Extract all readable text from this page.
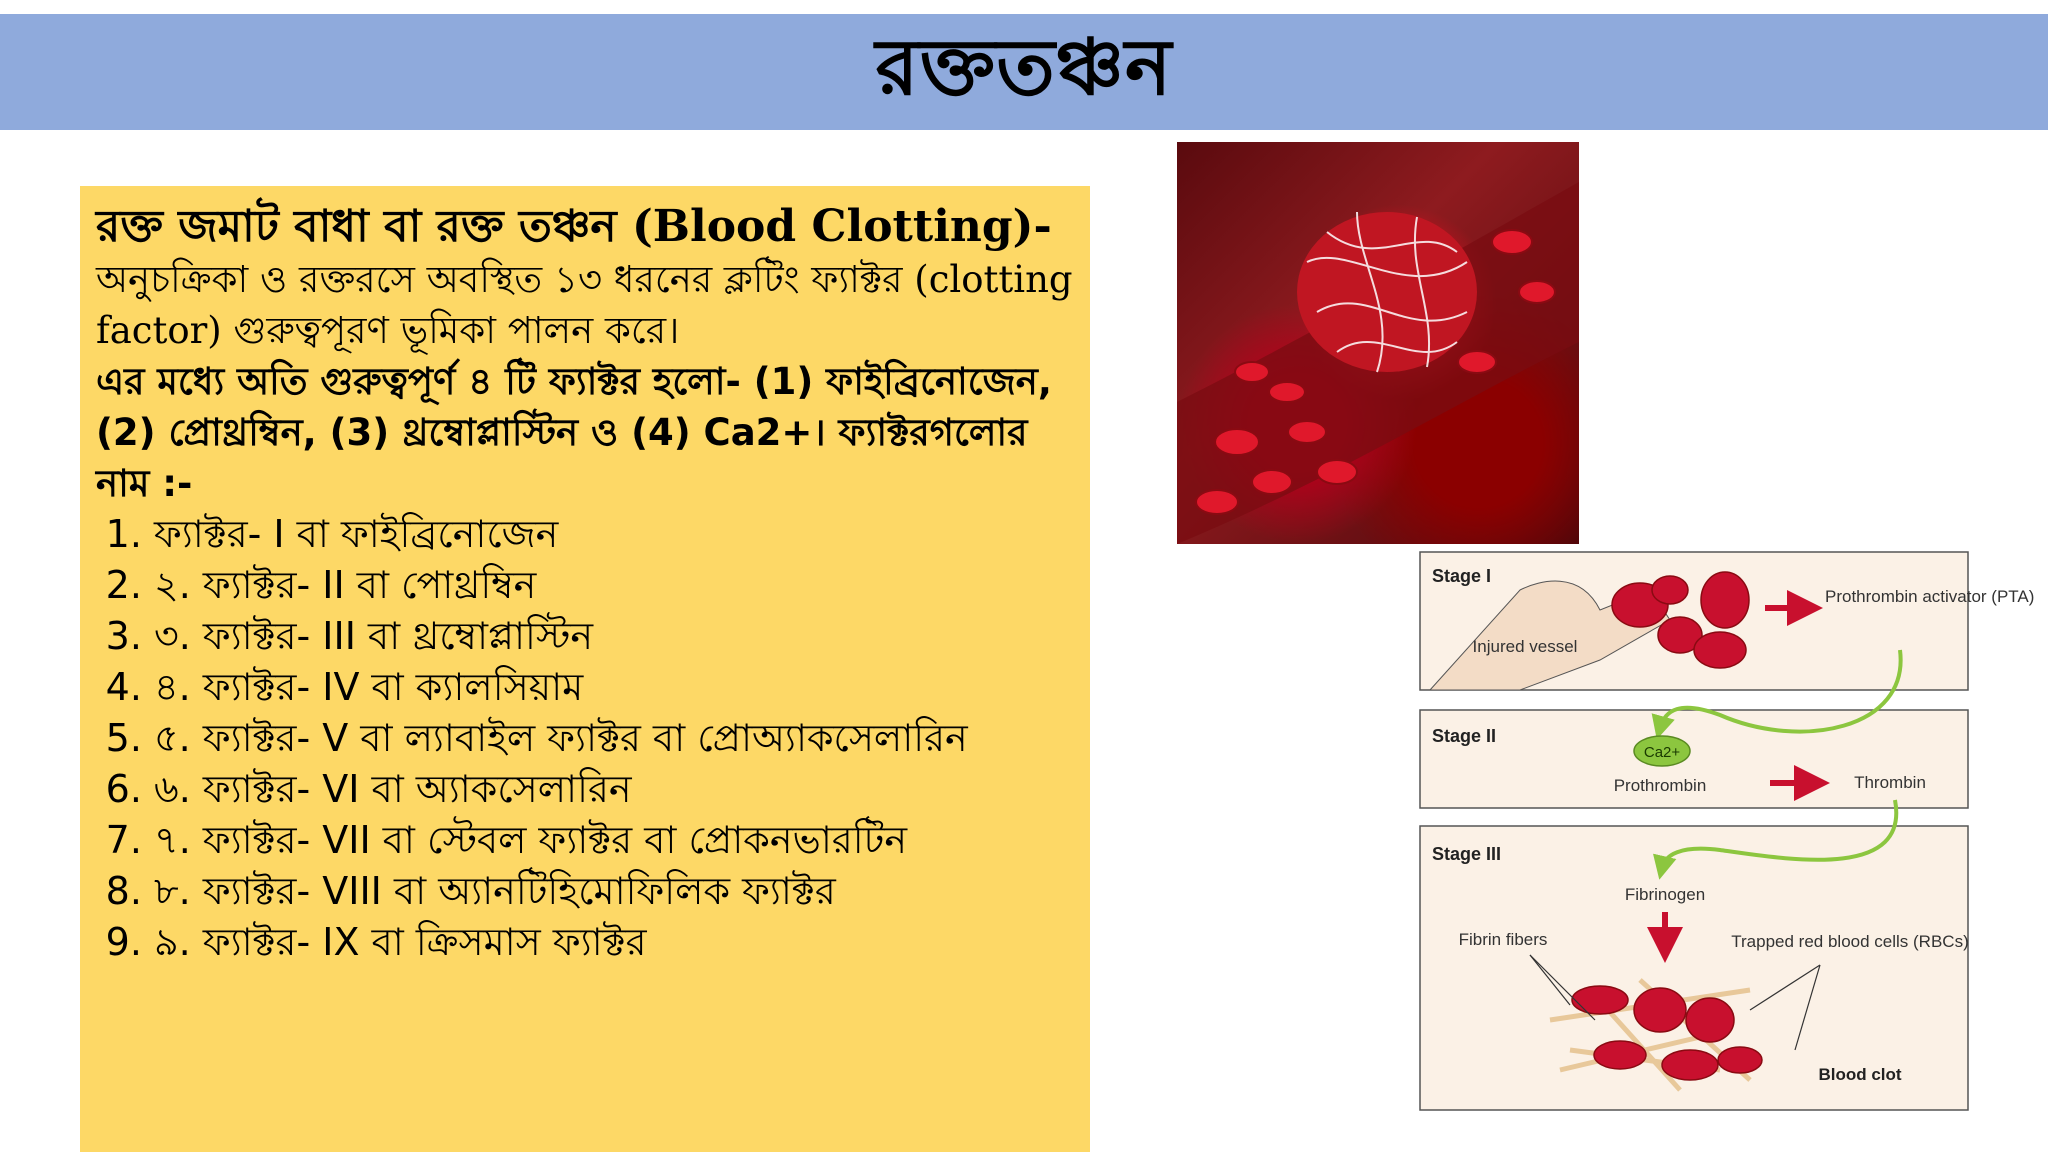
রক্ততঞ্চন
রক্ত জমাট বাধা বা রক্ত তঞ্চন (Blood Clotting)-
অনুচক্রিকা ও রক্তরসে অবস্থিত ১৩ ধরনের ক্লটিং ফ্যাক্টর (clotting factor) গুরুত্বপূরণ ভূমিকা পালন করে।
এর মধ্যে অতি গুরুত্বপূর্ণ ৪ টি ফ্যাক্টর হলো- (1) ফাইব্রিনোজেন, (2) প্রোথ্রম্বিন, (3) থ্রম্বোপ্লাস্টিন ও (4) Ca2+। ফ্যাক্টরগলোর নাম :-
1. ফ্যাক্টর- I বা ফাইব্রিনোজেন
2. ২. ফ্যাক্টর- II বা পোথ্রম্বিন
3. ৩. ফ্যাক্টর- III বা থ্রম্বোপ্লাস্টিন
4. ৪. ফ্যাক্টর- IV বা ক্যালসিয়াম
5. ৫. ফ্যাক্টর- V বা ল্যাবাইল ফ্যাক্টর বা প্রোঅ্যাকসেলারিন
6. ৬. ফ্যাক্টর- VI বা অ্যাকসেলারিন
7. ৭. ফ্যাক্টর- VII বা স্টেবল ফ্যাক্টর বা প্রোকনভারটিন
8. ৮. ফ্যাক্টর- VIII বা অ্যানটিহিমোফিলিক ফ্যাক্টর
9. ৯. ফ্যাক্টর- IX বা ক্রিসমাস ফ্যাক্টর
Stage I
Injured vessel
Prothrombin activator (PTA)
Stage II
Ca2+
Prothrombin	Thrombin
Stage III
Fibrinogen
Fibrin fibers	Trapped red blood cells (RBCs)
Blood clot
